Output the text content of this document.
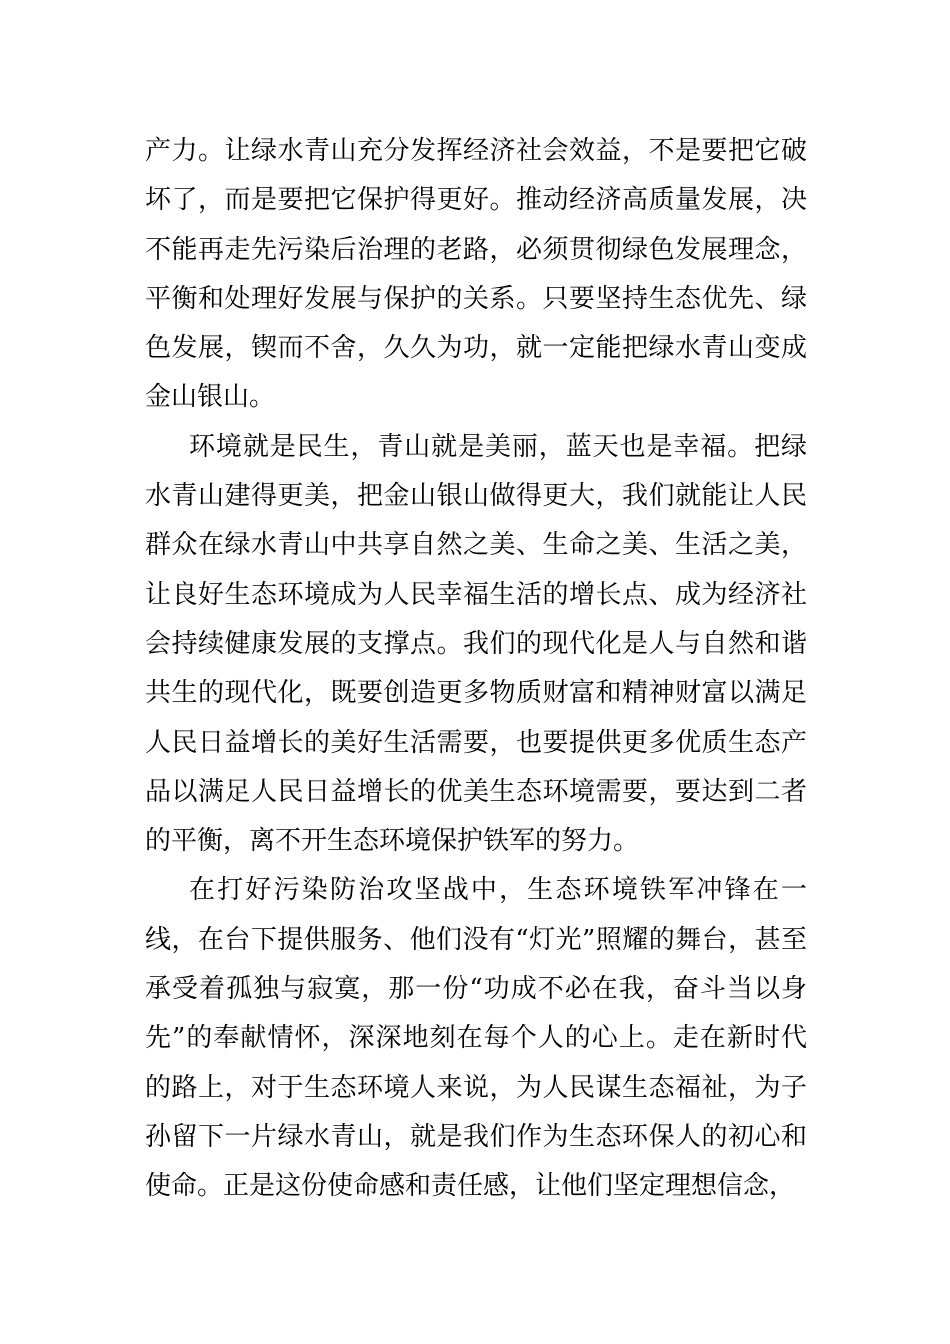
产力。让绿水青山充分发挥经济社会效益，不是要把它破坏了，而是要把它保护得更好。推动经济高质量发展，决不能再走先污染后治理的老路，必须贯彻绿色发展理念，平衡和处理好发展与保护的关系。只要坚持生态优先、绿色发展，锲而不舍，久久为功，就一定能把绿水青山变成金山银山。

环境就是民生，青山就是美丽，蓝天也是幸福。把绿水青山建得更美，把金山银山做得更大，我们就能让人民群众在绿水青山中共享自然之美、生命之美、生活之美，让良好生态环境成为人民幸福生活的增长点、成为经济社会持续健康发展的支撑点。我们的现代化是人与自然和谐共生的现代化，既要创造更多物质财富和精神财富以满足人民日益增长的美好生活需要，也要提供更多优质生态产品以满足人民日益增长的优美生态环境需要，要达到二者的平衡，离不开生态环境保护铁军的努力。

在打好污染防治攻坚战中，生态环境铁军冲锋在一线，在台下提供服务、他们没有“灯光”照耀的舞台，甚至承受着孤独与寂寞，那一份“功成不必在我，奋斗当以身先”的奉献情怀，深深地刻在每个人的心上。走在新时代的路上，对于生态环境人来说，为人民谋生态福祉，为子孙留下一片绿水青山，就是我们作为生态环保人的初心和使命。正是这份使命感和责任感，让他们坚定理想信念，
